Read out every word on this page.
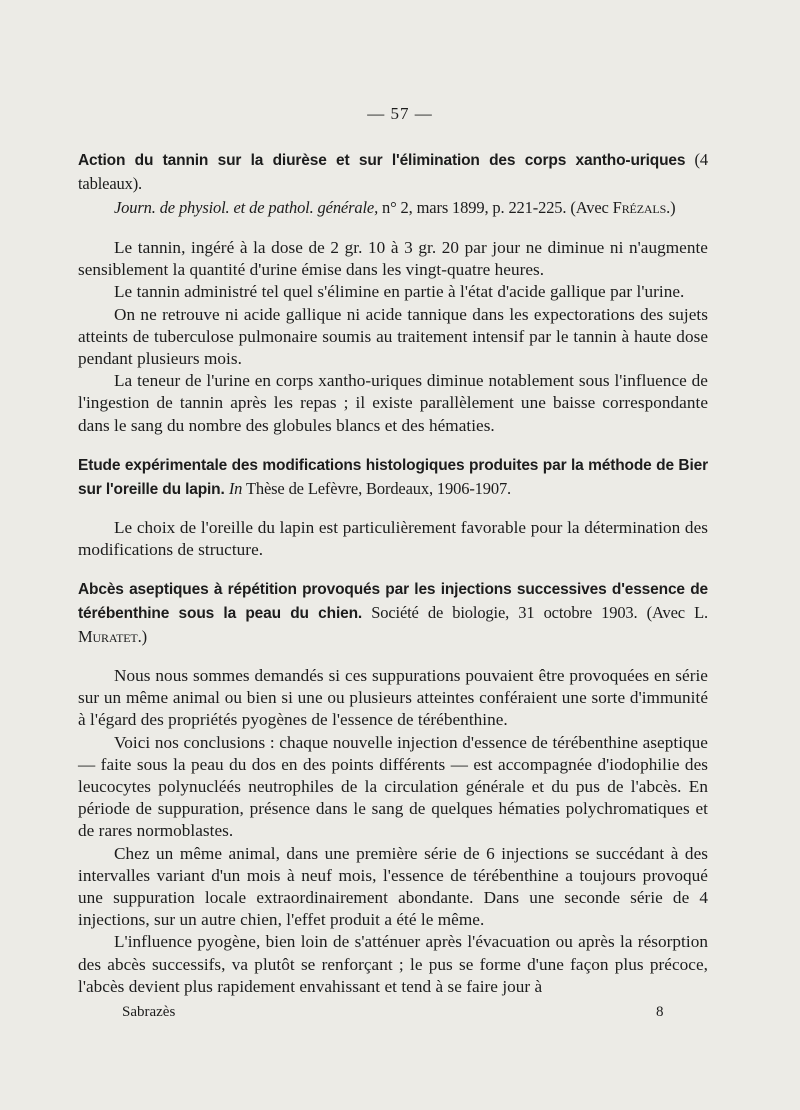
— 57 —

Action du tannin sur la diurèse et sur l'élimination des corps xantho-uriques (4 tableaux).
Journ. de physiol. et de pathol. générale, n° 2, mars 1899, p. 221-225. (Avec Frézals.)

Le tannin, ingéré à la dose de 2 gr. 10 à 3 gr. 20 par jour ne diminue ni n'augmente sensiblement la quantité d'urine émise dans les vingt-quatre heures.

Le tannin administré tel quel s'élimine en partie à l'état d'acide gallique par l'urine.

On ne retrouve ni acide gallique ni acide tannique dans les expectorations des sujets atteints de tuberculose pulmonaire soumis au traitement intensif par le tannin à haute dose pendant plusieurs mois.

La teneur de l'urine en corps xantho-uriques diminue notablement sous l'influence de l'ingestion de tannin après les repas ; il existe parallèlement une baisse correspondante dans le sang du nombre des globules blancs et des hématies.

Etude expérimentale des modifications histologiques produites par la méthode de Bier sur l'oreille du lapin. In Thèse de Lefèvre, Bordeaux, 1906-1907.

Le choix de l'oreille du lapin est particulièrement favorable pour la détermination des modifications de structure.

Abcès aseptiques à répétition provoqués par les injections successives d'essence de térébenthine sous la peau du chien. Société de biologie, 31 octobre 1903. (Avec L. Muratet.)

Nous nous sommes demandés si ces suppurations pouvaient être provoquées en série sur un même animal ou bien si une ou plusieurs atteintes conféraient une sorte d'immunité à l'égard des propriétés pyogènes de l'essence de térébenthine.

Voici nos conclusions : chaque nouvelle injection d'essence de térébenthine aseptique — faite sous la peau du dos en des points différents — est accompagnée d'iodophilie des leucocytes polynucléés neutrophiles de la circulation générale et du pus de l'abcès. En période de suppuration, présence dans le sang de quelques hématies polychromatiques et de rares normoblastes.

Chez un même animal, dans une première série de 6 injections se succédant à des intervalles variant d'un mois à neuf mois, l'essence de térébenthine a toujours provoqué une suppuration locale extraordinairement abondante. Dans une seconde série de 4 injections, sur un autre chien, l'effet produit a été le même.

L'influence pyogène, bien loin de s'atténuer après l'évacuation ou après la résorption des abcès successifs, va plutôt se renforçant ; le pus se forme d'une façon plus précoce, l'abcès devient plus rapidement envahissant et tend à se faire jour à

Sabrazès	8
